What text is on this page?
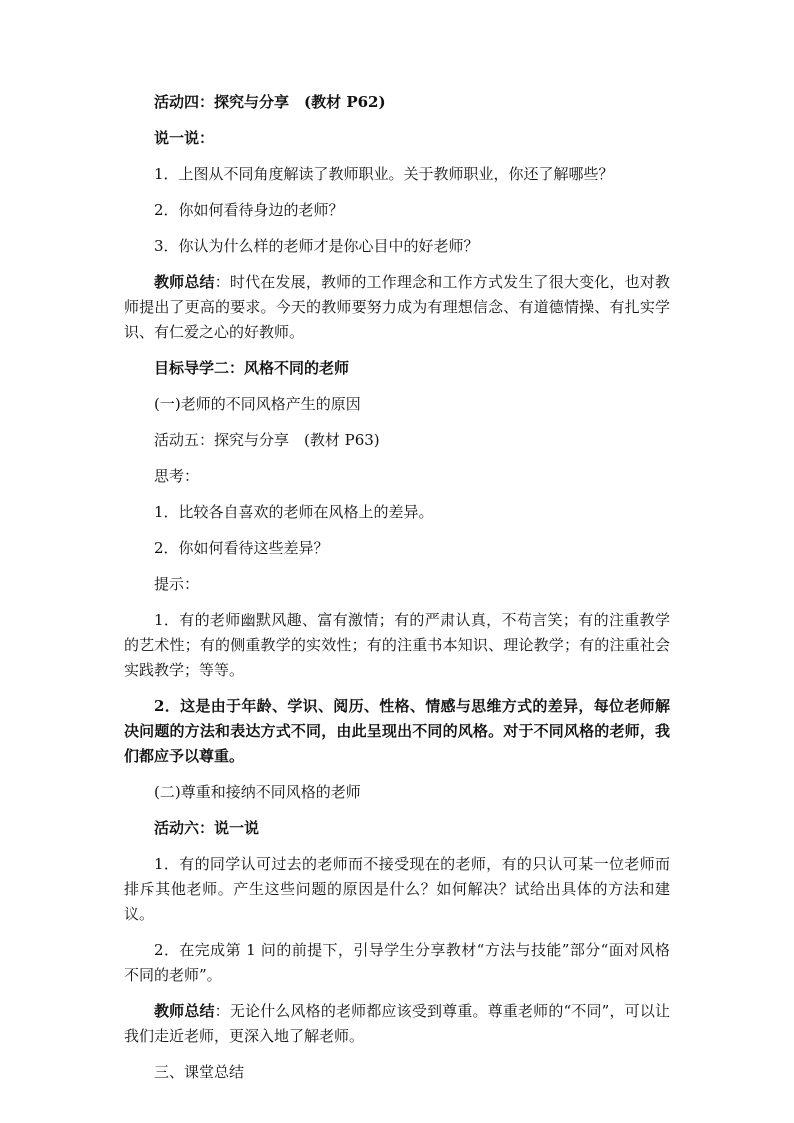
活动四：探究与分享　(教材 P62)

说一说：

1．上图从不同角度解读了教师职业。关于教师职业，你还了解哪些？

2．你如何看待身边的老师？

3．你认为什么样的老师才是你心目中的好老师？

教师总结：时代在发展，教师的工作理念和工作方式发生了很大变化，也对教师提出了更高的要求。今天的教师要努力成为有理想信念、有道德情操、有扎实学识、有仁爱之心的好教师。

目标导学二：风格不同的老师

(一)老师的不同风格产生的原因

活动五：探究与分享　(教材 P63)

思考：

1．比较各自喜欢的老师在风格上的差异。

2．你如何看待这些差异？

提示：

1．有的老师幽默风趣、富有激情；有的严肃认真，不苟言笑；有的注重教学的艺术性；有的侧重教学的实效性；有的注重书本知识、理论教学；有的注重社会实践教学；等等。

2．这是由于年龄、学识、阅历、性格、情感与思维方式的差异，每位老师解决问题的方法和表达方式不同，由此呈现出不同的风格。对于不同风格的老师，我们都应予以尊重。

(二)尊重和接纳不同风格的老师

活动六：说一说

1．有的同学认可过去的老师而不接受现在的老师，有的只认可某一位老师而排斥其他老师。产生这些问题的原因是什么？如何解决？试给出具体的方法和建议。

2．在完成第 1 问的前提下，引导学生分享教材“方法与技能”部分“面对风格不同的老师”。

教师总结：无论什么风格的老师都应该受到尊重。尊重老师的“不同”，可以让我们走近老师，更深入地了解老师。

三、课堂总结
